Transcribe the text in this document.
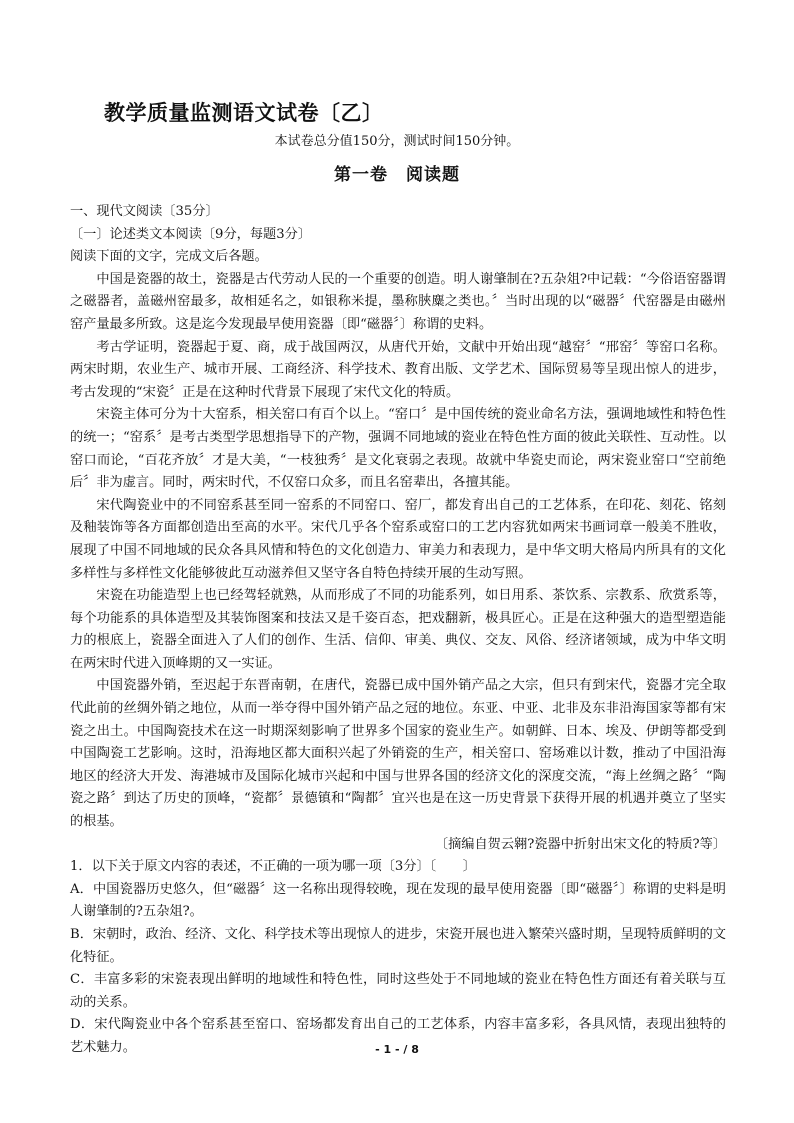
教学质量监测语文试卷〔乙〕
本试卷总分值150分，测试时间150分钟。
第一卷　阅读题

一、现代文阅读〔35分〕

〔一〕论述类文本阅读〔9分，每题3分〕

阅读下面的文字，完成文后各题。

中国是瓷器的故土，瓷器是古代劳动人民的一个重要的创造。明人谢肇制在?五杂俎?中记载：“今俗语窑器谓之磁器者，盖磁州窑最多，故相延名之，如银称米提，墨称脥麋之类也。〞当时出现的以“磁器〞代窑器是由磁州窑产量最多所致。这是迄今发现最早使用瓷器〔即“磁器〞〕称谓的史料。

考古学证明，瓷器起于夏、商，成于战国两汉，从唐代开始，文献中开始出现“越窑〞“邢窑〞等窑口名称。两宋时期，农业生产、城市开展、工商经济、科学技术、教育出版、文学艺术、国际贸易等呈现出惊人的进步，考古发现的“宋瓷〞正是在这种时代背景下展现了宋代文化的特质。

宋瓷主体可分为十大窑系，相关窑口有百个以上。“窑口〞是中国传统的瓷业命名方法，强调地域性和特色性的统一；“窑系〞是考古类型学思想指导下的产物，强调不同地域的瓷业在特色性方面的彼此关联性、互动性。以窑口而论，“百花齐放〞才是大美，“一枝独秀〞是文化衰弱之表现。故就中华瓷史而论，两宋瓷业窑口“空前绝后〞非为虚言。同时，两宋时代，不仅窑口众多，而且名窑辈出，各擅其能。

宋代陶瓷业中的不同窑系甚至同一窑系的不同窑口、窑厂，都发育出自己的工艺体系，在印花、刻花、铭刻及釉装饰等各方面都创造出至高的水平。宋代几乎各个窑系或窑口的工艺内容犹如两宋书画词章一般美不胜收，展现了中国不同地域的民众各具风情和特色的文化创造力、审美力和表现力，是中华文明大格局内所具有的文化多样性与多样性文化能够彼此互动滋养但又坚守各自特色持续开展的生动写照。

宋瓷在功能造型上也已经驾轻就熟，从而形成了不同的功能系列，如日用系、茶饮系、宗教系、欣赏系等，每个功能系的具体造型及其装饰图案和技法又是千姿百态，把戏翻新，极具匠心。正是在这种强大的造型塑造能力的根底上，瓷器全面进入了人们的创作、生活、信仰、审美、典仪、交友、风俗、经济诸领域，成为中华文明在两宋时代进入顶峰期的又一实证。

中国瓷器外销，至迟起于东晋南朝，在唐代，瓷器已成中国外销产品之大宗，但只有到宋代，瓷器才完全取代此前的丝绸外销之地位，从而一举夺得中国外销产品之冠的地位。东亚、中亚、北非及东非沿海国家等都有宋瓷之出土。中国陶瓷技术在这一时期深刻影响了世界多个国家的瓷业生产。如朝鲜、日本、埃及、伊朗等都受到中国陶瓷工艺影响。这时，沿海地区都大面积兴起了外销瓷的生产，相关窑口、窑场难以计数，推动了中国沿海地区的经济大开发、海港城市及国际化城市兴起和中国与世界各国的经济文化的深度交流，“海上丝绸之路〞“陶瓷之路〞到达了历史的顶峰，“瓷都〞景德镇和“陶都〞宜兴也是在这一历史背景下获得开展的机遇并奠立了坚实的根基。

〔摘编自贺云翱?瓷器中折射出宋文化的特质?等〕

1．以下关于原文内容的表述，不正确的一项为哪一项〔3分〕〔　　〕

A．中国瓷器历史悠久，但“磁器〞这一名称出现得较晚，现在发现的最早使用瓷器〔即“磁器〞〕称谓的史料是明人谢肇制的?五杂俎?。

B．宋朝时，政治、经济、文化、科学技术等出现惊人的进步，宋瓷开展也进入繁荣兴盛时期，呈现特质鲜明的文化特征。

C．丰富多彩的宋瓷表现出鲜明的地域性和特色性，同时这些处于不同地域的瓷业在特色性方面还有着关联与互动的关系。

D．宋代陶瓷业中各个窑系甚至窑口、窑场都发育出自己的工艺体系，内容丰富多彩，各具风情，表现出独特的艺术魅力。	- 1 - / 8
